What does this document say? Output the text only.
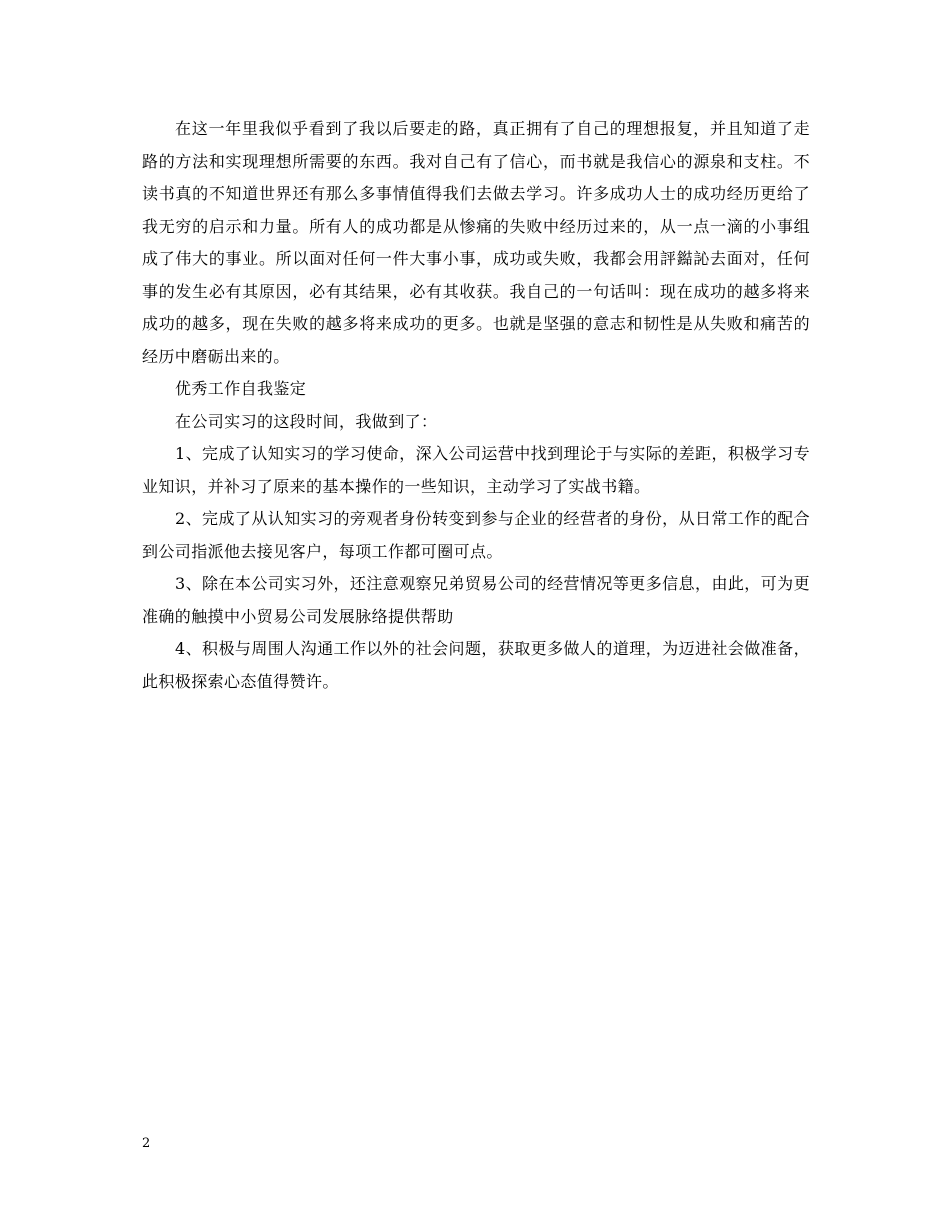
在这一年里我似乎看到了我以后要走的路，真正拥有了自己的理想报复，并且知道了走路的方法和实现理想所需要的东西。我对自己有了信心，而书就是我信心的源泉和支柱。不读书真的不知道世界还有那么多事情值得我们去做去学习。许多成功人士的成功经历更给了我无穷的启示和力量。所有人的成功都是从惨痛的失败中经历过来的，从一点一滴的小事组成了伟大的事业。所以面对任何一件大事小事，成功或失败，我都会用評鐑訫去面对，任何事的发生必有其原因，必有其结果，必有其收获。我自己的一句话叫：现在成功的越多将来成功的越多，现在失败的越多将来成功的更多。也就是坚强的意志和韧性是从失败和痛苦的经历中磨砺出来的。

优秀工作自我鉴定

在公司实习的这段时间，我做到了：

1、完成了认知实习的学习使命，深入公司运营中找到理论于与实际的差距，积极学习专业知识，并补习了原来的基本操作的一些知识，主动学习了实战书籍。

2、完成了从认知实习的旁观者身份转变到参与企业的经营者的身份，从日常工作的配合到公司指派他去接见客户，每项工作都可圈可点。

3、除在本公司实习外，还注意观察兄弟贸易公司的经营情况等更多信息，由此，可为更准确的触摸中小贸易公司发展脉络提供帮助

4、积极与周围人沟通工作以外的社会问题，获取更多做人的道理，为迈进社会做准备，此积极探索心态值得赞许。

2
